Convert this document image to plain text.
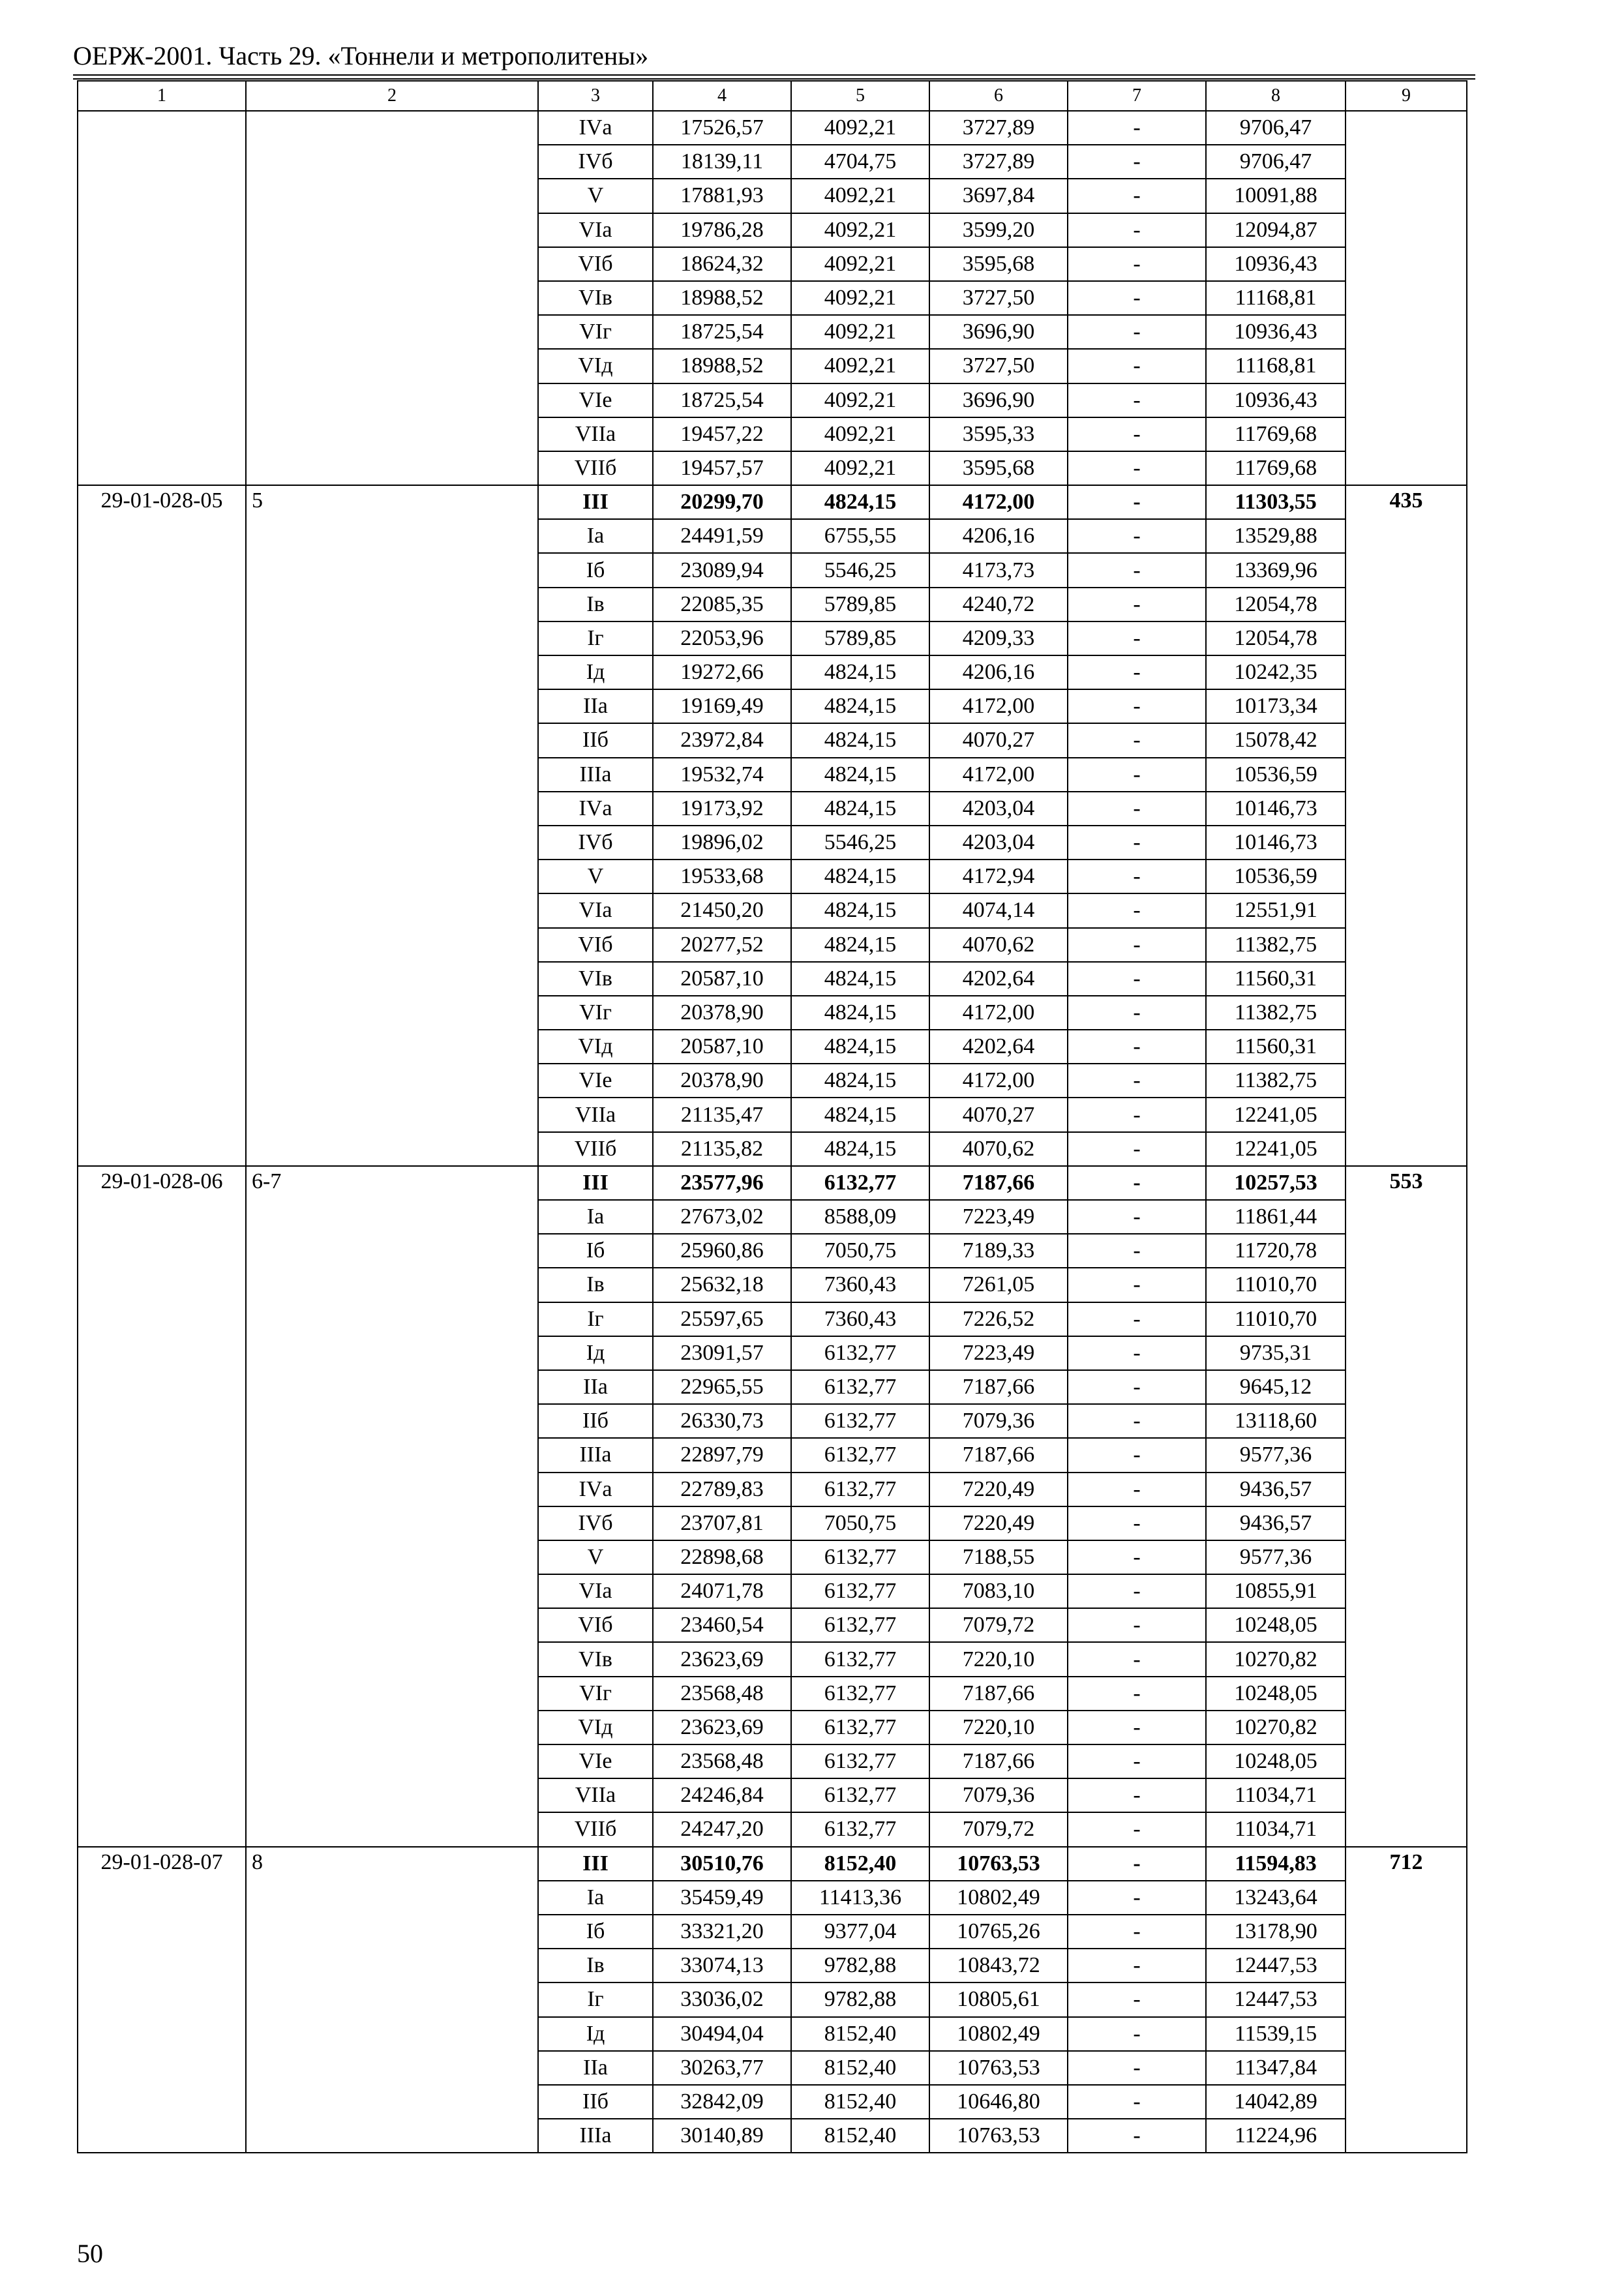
ОЕРЖ-2001. Часть 29. «Тоннели и метрополитены»
1	2	3	4	5	6	7	8	9
		IVа	17526,57	4092,21	3727,89	-	9706,47	
		IVб	18139,11	4704,75	3727,89	-	9706,47	
		V	17881,93	4092,21	3697,84	-	10091,88	
		VIа	19786,28	4092,21	3599,20	-	12094,87	
		VIб	18624,32	4092,21	3595,68	-	10936,43	
		VIв	18988,52	4092,21	3727,50	-	11168,81	
		VIг	18725,54	4092,21	3696,90	-	10936,43	
		VIд	18988,52	4092,21	3727,50	-	11168,81	
		VIе	18725,54	4092,21	3696,90	-	10936,43	
		VIIа	19457,22	4092,21	3595,33	-	11769,68	
		VIIб	19457,57	4092,21	3595,68	-	11769,68	
29-01-028-05	5	III	20299,70	4824,15	4172,00	-	11303,55	435
		Iа	24491,59	6755,55	4206,16	-	13529,88	
		Iб	23089,94	5546,25	4173,73	-	13369,96	
		Iв	22085,35	5789,85	4240,72	-	12054,78	
		Iг	22053,96	5789,85	4209,33	-	12054,78	
		Iд	19272,66	4824,15	4206,16	-	10242,35	
		IIа	19169,49	4824,15	4172,00	-	10173,34	
		IIб	23972,84	4824,15	4070,27	-	15078,42	
		IIIа	19532,74	4824,15	4172,00	-	10536,59	
		IVа	19173,92	4824,15	4203,04	-	10146,73	
		IVб	19896,02	5546,25	4203,04	-	10146,73	
		V	19533,68	4824,15	4172,94	-	10536,59	
		VIа	21450,20	4824,15	4074,14	-	12551,91	
		VIб	20277,52	4824,15	4070,62	-	11382,75	
		VIв	20587,10	4824,15	4202,64	-	11560,31	
		VIг	20378,90	4824,15	4172,00	-	11382,75	
		VIд	20587,10	4824,15	4202,64	-	11560,31	
		VIе	20378,90	4824,15	4172,00	-	11382,75	
		VIIа	21135,47	4824,15	4070,27	-	12241,05	
		VIIб	21135,82	4824,15	4070,62	-	12241,05	
29-01-028-06	6-7	III	23577,96	6132,77	7187,66	-	10257,53	553
		Iа	27673,02	8588,09	7223,49	-	11861,44	
		Iб	25960,86	7050,75	7189,33	-	11720,78	
		Iв	25632,18	7360,43	7261,05	-	11010,70	
		Iг	25597,65	7360,43	7226,52	-	11010,70	
		Iд	23091,57	6132,77	7223,49	-	9735,31	
		IIа	22965,55	6132,77	7187,66	-	9645,12	
		IIб	26330,73	6132,77	7079,36	-	13118,60	
		IIIа	22897,79	6132,77	7187,66	-	9577,36	
		IVа	22789,83	6132,77	7220,49	-	9436,57	
		IVб	23707,81	7050,75	7220,49	-	9436,57	
		V	22898,68	6132,77	7188,55	-	9577,36	
		VIа	24071,78	6132,77	7083,10	-	10855,91	
		VIб	23460,54	6132,77	7079,72	-	10248,05	
		VIв	23623,69	6132,77	7220,10	-	10270,82	
		VIг	23568,48	6132,77	7187,66	-	10248,05	
		VIд	23623,69	6132,77	7220,10	-	10270,82	
		VIе	23568,48	6132,77	7187,66	-	10248,05	
		VIIа	24246,84	6132,77	7079,36	-	11034,71	
		VIIб	24247,20	6132,77	7079,72	-	11034,71	
29-01-028-07	8	III	30510,76	8152,40	10763,53	-	11594,83	712
		Iа	35459,49	11413,36	10802,49	-	13243,64	
		Iб	33321,20	9377,04	10765,26	-	13178,90	
		Iв	33074,13	9782,88	10843,72	-	12447,53	
		Iг	33036,02	9782,88	10805,61	-	12447,53	
		Iд	30494,04	8152,40	10802,49	-	11539,15	
		IIа	30263,77	8152,40	10763,53	-	11347,84	
		IIб	32842,09	8152,40	10646,80	-	14042,89	
		IIIа	30140,89	8152,40	10763,53	-	11224,96	
50
